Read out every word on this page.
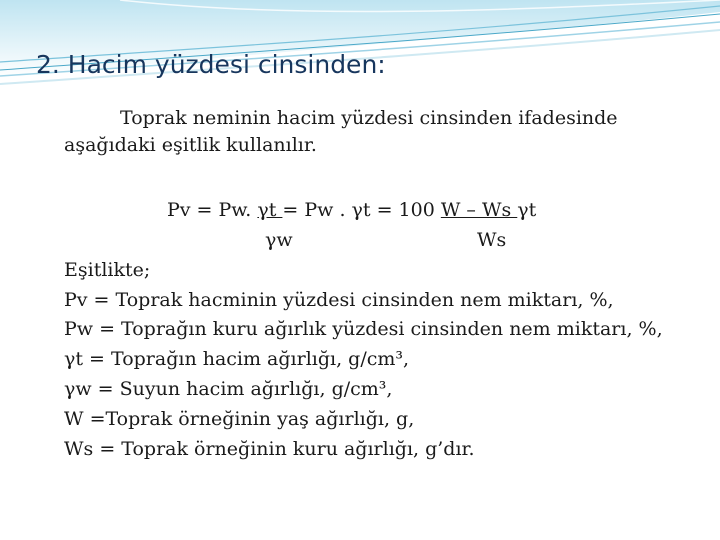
2. Hacim yüzdesi cinsinden:
Toprak neminin hacim yüzdesi cinsinden ifadesinde
aşağıdaki eşitlik kullanılır.
Pv = Pw. γt = Pw . γt = 100 W – Ws γt
γw	Ws

Eşitlikte;

Pv = Toprak hacminin yüzdesi cinsinden nem miktarı, %,

Pw = Toprağın kuru ağırlık yüzdesi cinsinden nem miktarı, %,

γt = Toprağın hacim ağırlığı, g/cm³,

γw = Suyun hacim ağırlığı, g/cm³,

W =Toprak örneğinin yaş ağırlığı, g,

Ws = Toprak örneğinin kuru ağırlığı, g’dır.
